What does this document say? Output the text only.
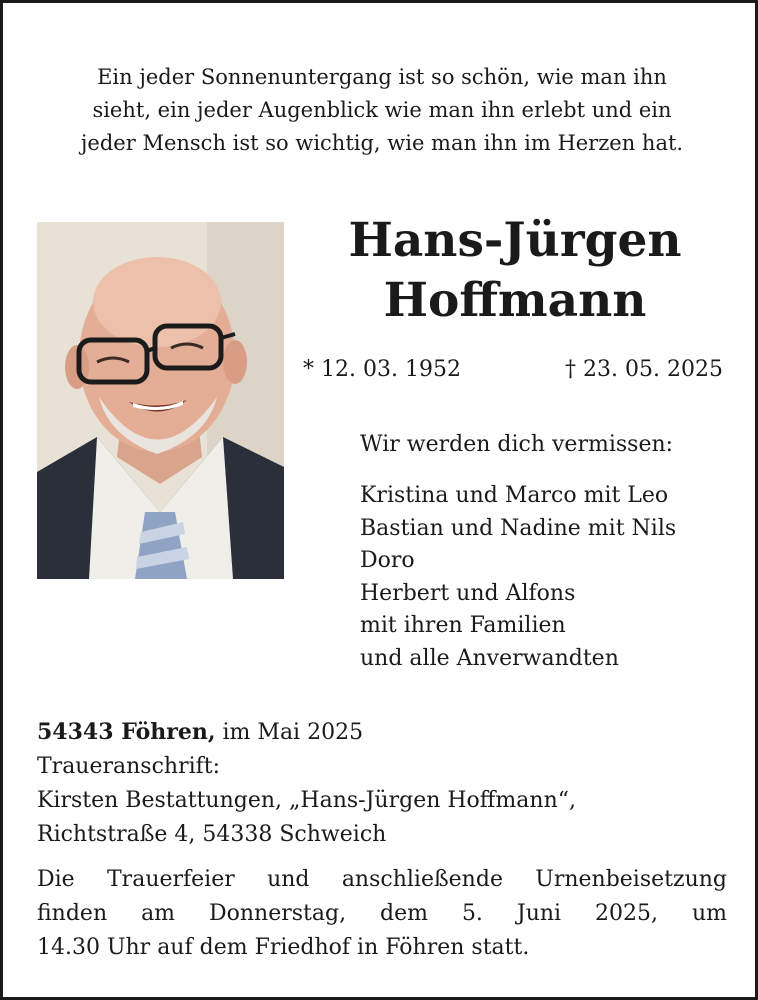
Ein jeder Sonnenuntergang ist so schön, wie man ihn
sieht, ein jeder Augenblick wie man ihn erlebt und ein
jeder Mensch ist so wichtig, wie man ihn im Herzen hat.
Hans-Jürgen
Hoffmann
* 12. 03. 1952	† 23. 05. 2025
Wir werden dich vermissen:
Kristina und Marco mit Leo
Bastian und Nadine mit Nils
Doro
Herbert und Alfons
mit ihren Familien
und alle Anverwandten
54343 Föhren, im Mai 2025
Traueranschrift:
Kirsten Bestattungen, „Hans-Jürgen Hoffmann“,
Richtstraße 4, 54338 Schweich
Die Trauerfeier und anschließende Urnenbeisetzung
finden am Donnerstag, dem 5. Juni 2025, um
14.30 Uhr auf dem Friedhof in Föhren statt.
